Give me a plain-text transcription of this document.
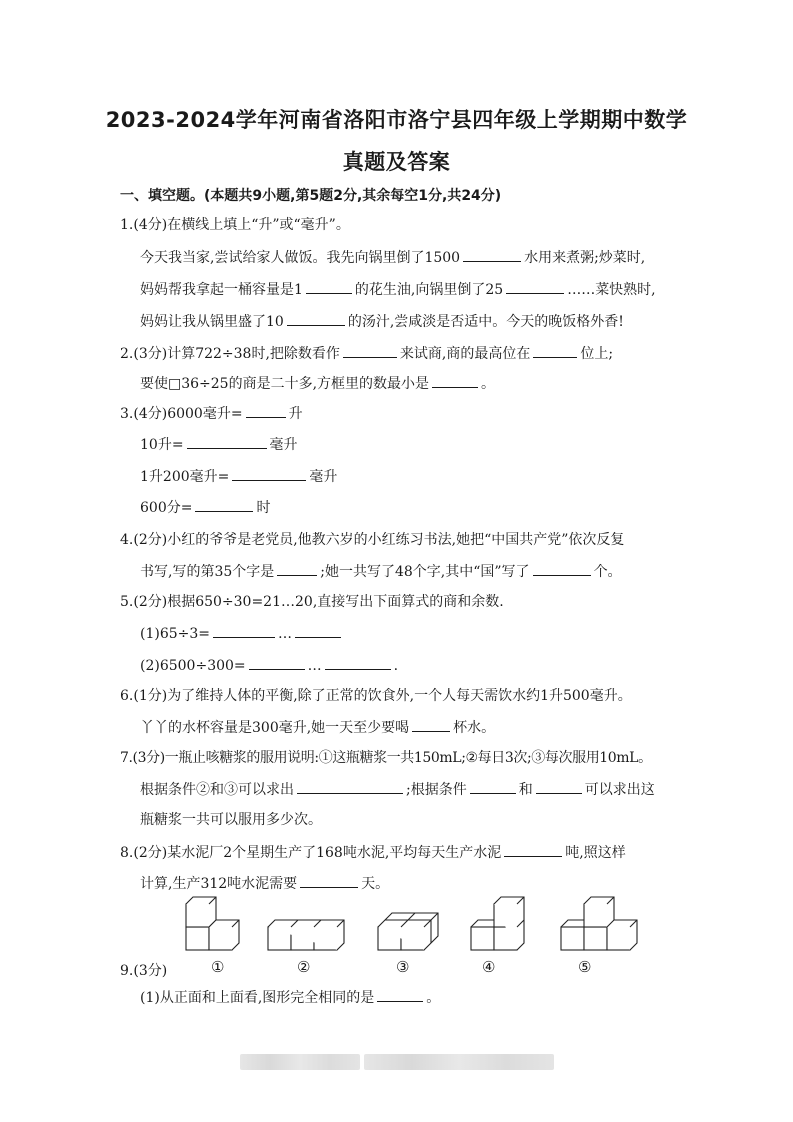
2023-2024学年河南省洛阳市洛宁县四年级上学期期中数学
真题及答案
一、填空题。(本题共9小题,第5题2分,其余每空1分,共24分)
1.(4分)在横线上填上“升”或“毫升”。
今天我当家,尝试给家人做饭。我先向锅里倒了1500	水用来煮粥;炒菜时,
妈妈帮我拿起一桶容量是1	的花生油,向锅里倒了25	……菜快熟时,
妈妈让我从锅里盛了10	的汤汁,尝咸淡是否适中。今天的晚饭格外香!
2.(3分)计算722÷38时,把除数看作	来试商,商的最高位在	位上;
要使□36÷25的商是二十多,方框里的数最小是	。
3.(4分)6000毫升=	升
10升=	毫升
1升200毫升=	毫升
600分=	时
4.(2分)小红的爷爷是老党员,他教六岁的小红练习书法,她把“中国共产党”依次反复
书写,写的第35个字是	;她一共写了48个字,其中“国”写了	个。
5.(2分)根据650÷30=21…20,直接写出下面算式的商和余数.
(1)65÷3=	…
(2)6500÷300=	…	.
6.(1分)为了维持人体的平衡,除了正常的饮食外,一个人每天需饮水约1升500毫升。
丫丫的水杯容量是300毫升,她一天至少要喝	杯水。
7.(3分)一瓶止咳糖浆的服用说明:①这瓶糖浆一共150mL;②每日3次;③每次服用10mL。
根据条件②和③可以求出	;根据条件	和	可以求出这
瓶糖浆一共可以服用多少次。
8.(2分)某水泥厂2个星期生产了168吨水泥,平均每天生产水泥	吨,照这样
计算,生产312吨水泥需要	天。
9.(3分)	①	②	③	④	⑤
(1)从正面和上面看,图形完全相同的是	。
